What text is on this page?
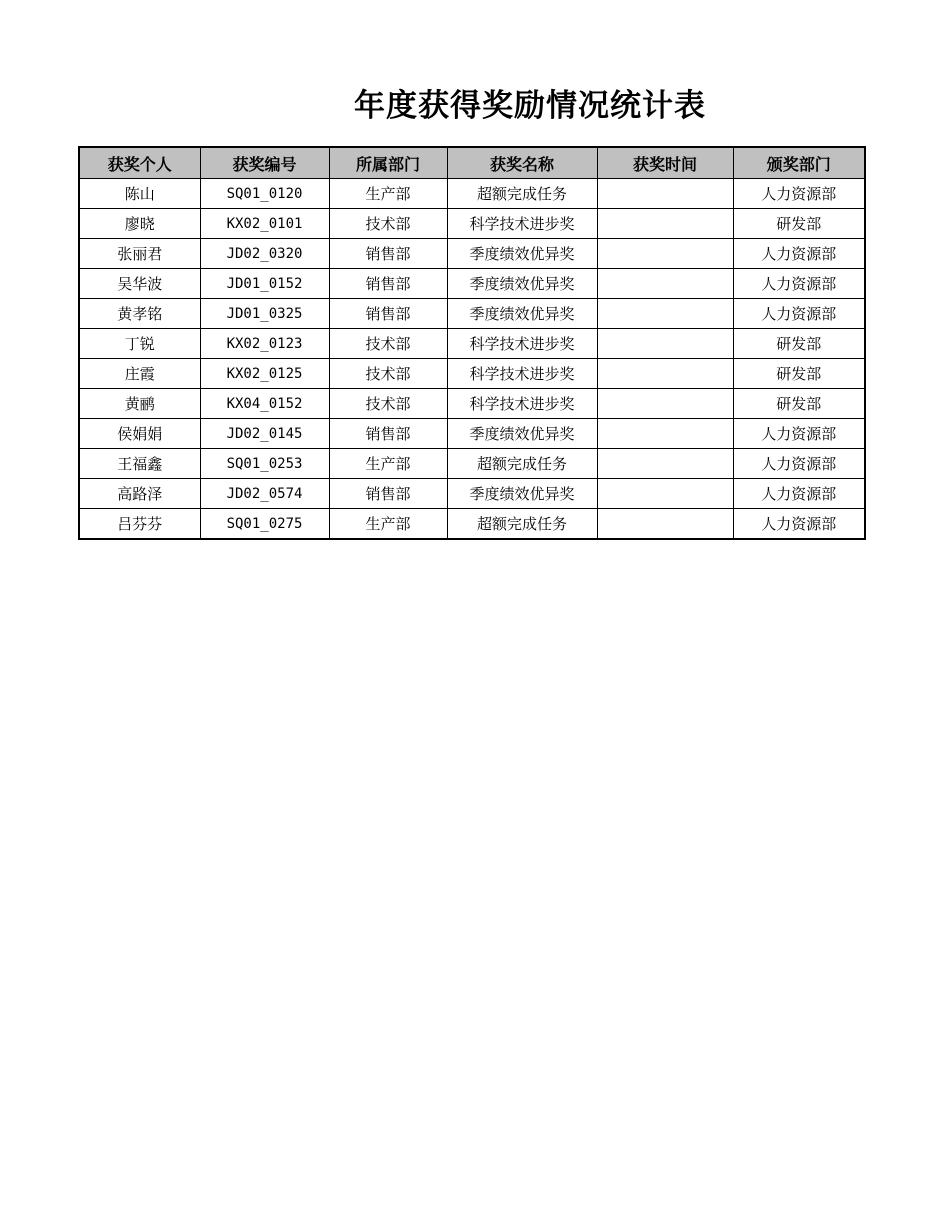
年度获得奖励情况统计表
获奖个人	获奖编号	所属部门	获奖名称	获奖时间	颁奖部门
陈山	SQ01_0120	生产部	超额完成任务		人力资源部
廖晓	KX02_0101	技术部	科学技术进步奖		研发部
张丽君	JD02_0320	销售部	季度绩效优异奖		人力资源部
吴华波	JD01_0152	销售部	季度绩效优异奖		人力资源部
黄孝铭	JD01_0325	销售部	季度绩效优异奖		人力资源部
丁锐	KX02_0123	技术部	科学技术进步奖		研发部
庄霞	KX02_0125	技术部	科学技术进步奖		研发部
黄鹂	KX04_0152	技术部	科学技术进步奖		研发部
侯娟娟	JD02_0145	销售部	季度绩效优异奖		人力资源部
王福鑫	SQ01_0253	生产部	超额完成任务		人力资源部
高路泽	JD02_0574	销售部	季度绩效优异奖		人力资源部
吕芬芬	SQ01_0275	生产部	超额完成任务		人力资源部
